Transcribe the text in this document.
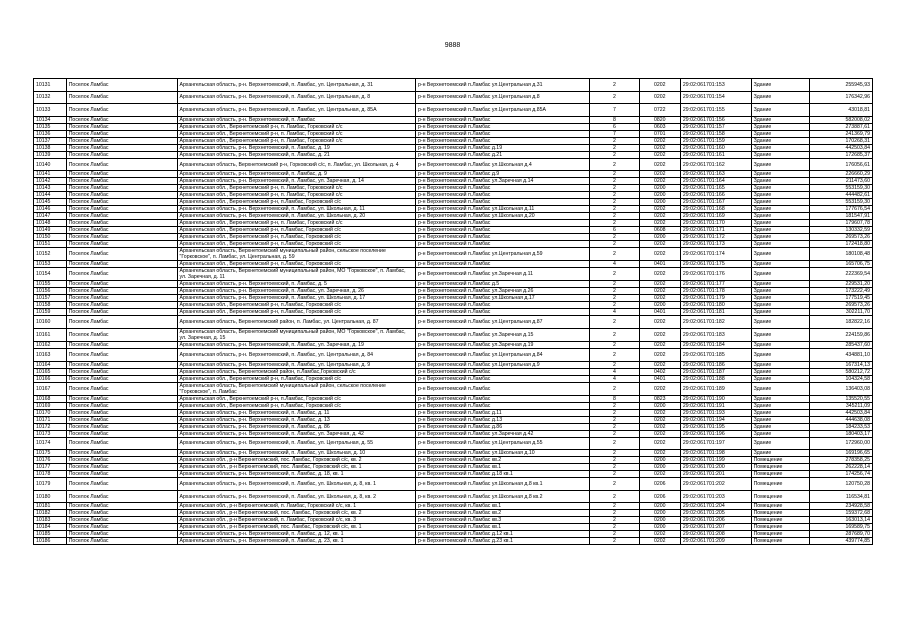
9888
10131	Поселок Ламбас	Архангельская область, р-н. Верхнетоемский, п. Ламбас, ул. Центральная, д. 31	р-н Верхнетоемский п.Ламбас ул.Центральная д.31	2	0202	29:02:061701:153	Здание	255945,93
10132	Поселок Ламбас	Архангельская область, р-н. Верхнетоемский, п. Ламбас, ул. Центральная, д. 8	р-н Верхнетоемский п.Ламбас ул.Центральная д.8	2	0202	29:02:061701:154	Здание	176342,96
10133	Поселок Ламбас	Архангельская область, р-н. Верхнетоемский, п. Ламбас, ул. Центральная, д. 85А	р-н Верхнетоемский п.Ламбас ул.Центральная д.85А	7	0722	29:02:061701:155	Здание	43018,81
10134	Поселок Ламбас	Архангельская область, р-н. Верхнетоемский, п. Ламбас	р-н Верхнетоемский п.Ламбас	8	0820	29:02:061701:156	Здание	582008,02
10135	Поселок Ламбас	Архангельская обл., Верхнетоемский р-н, п. Ламбас, Горковский с/с	р-н Верхнетоемский п.Ламбас	6	0603	29:02:061701:157	Здание	273887,61
10136	Поселок Ламбас	Архангельская обл., Верхнетоемский р-н, п. Ламбас, Горковский с/с	р-н Верхнетоемский п.Ламбас	7	0701	29:02:061701:158	Здание	241369,79
10137	Поселок Ламбас	Архангельская обл., Верхнетоемский р-н, п. Ламбас, Горковский с/с	р-н Верхнетоемский п.Ламбас	2	0202	29:02:061701:159	Здание	170268,31
10138	Поселок Ламбас	Архангельская область, р-н. Верхнетоемский, п. Ламбас, д. 19	р-н Верхнетоемский п.Ламбас д.19	2	0202	29:02:061701:160	Здание	442503,84
10139	Поселок Ламбас	Архангельская область, р-н. Верхнетоемский, п. Ламбас, д. 21	р-н Верхнетоемский п.Ламбас д.21	2	0202	29:02:061701:161	Здание	172685,37
10140	Поселок Ламбас	Архангельская область, Верхнетоемский р-н, Горковский с/с, п. Ламбас, ул. Школьная, д. 4	р-н Верхнетоемский п.Ламбас ул.Школьная д.4	2	0202	29:02:061701:162	Здание	176056,61
10141	Поселок Ламбас	Архангельская область, р-н. Верхнетоемский, п. Ламбас, д. 9	р-н Верхнетоемский п.Ламбас д.9	2	0202	29:02:061701:163	Здание	226660,29
10142	Поселок Ламбас	Архангельская область, р-н. Верхнетоемский, п. Ламбас, ул. Заречная, д. 14	р-н Верхнетоемский п.Ламбас ул.Заречная д.14	2	0202	29:02:061701:164	Здание	211473,60
10143	Поселок Ламбас	Архангельская обл., Верхнетоемский р-н, п. Ламбас, Горковский с/с	р-н Верхнетоемский п.Ламбас	2	0200	29:02:061701:165	Здание	553159,30
10144	Поселок Ламбас	Архангельская обл., Верхнетоемский р-н, п. Ламбас, Горковский с/с	р-н Верхнетоемский п.Ламбас	2	0200	29:02:061701:166	Здание	444482,61
10145	Поселок Ламбас	Архангельская обл., Верхнетоемский р-н, п.Ламбас, Горковский с/с	р-н Верхнетоемский п.Ламбас	2	0200	29:02:061701:167	Здание	553159,30
10146	Поселок Ламбас	Архангельская область, р-н. Верхнетоемский, п. Ламбас, ул. Школьная, д. 11	р-н Верхнетоемский п.Ламбас ул.Школьная д.11	2	0202	29:02:061701:168	Здание	177676,54
10147	Поселок Ламбас	Архангельская область, р-н. Верхнетоемский, п. Ламбас, ул. Школьная, д. 20	р-н Верхнетоемский п.Ламбас ул.Школьная д.20	2	0202	29:02:061701:169	Здание	181547,91
10148	Поселок Ламбас	Архангельская обл., Верхнетоемский р-н, п. Ламбас, Горковский с/с	р-н Верхнетоемский п.Ламбас	2	0202	29:02:061701:170	Здание	179607,78
10149	Поселок Ламбас	Архангельская обл., Верхнетоемский р-н, п.Ламбас, Горковский с/с	р-н Верхнетоемский п.Ламбас	6	0608	29:02:061701:171	Здание	130332,59
10150	Поселок Ламбас	Архангельская обл., Верхнетоемский р-н, п.Ламбас, Горковский с/с	р-н Верхнетоемский п.Ламбас	2	0200	29:02:061701:172	Здание	269573,26
10151	Поселок Ламбас	Архангельская обл., Верхнетоемский р-н, п.Ламбас, Горковский с/с	р-н Верхнетоемский п.Ламбас	2	0202	29:02:061701:173	Здание	172418,80
10152	Поселок Ламбас	Архангельская область, Верхнетоемский муниципальный район, сельское поселение "Горковское", п. Ламбас, ул. Центральная, д. 59	р-н Верхнетоемский п.Ламбас ул.Центральная д.59	2	0202	29:02:061701:174	Здание	180108,48
10153	Поселок Ламбас	Архангельская обл., Верхнетоемский р-н, п.Ламбас, Горковский с/с	р-н Верхнетоемский п.Ламбас	4	0401	29:02:061701:175	Здание	165706,75
10154	Поселок Ламбас	Архангельская область, Верхнетоемский муниципальный район, МО "Горковское", п. Ламбас, ул. Заречная, д. 11	р-н Верхнетоемский п.Ламбас ул.Заречная д.11	2	0202	29:02:061701:176	Здание	222369,54
10155	Поселок Ламбас	Архангельская область, р-н. Верхнетоемский, п. Ламбас, д. 5	р-н Верхнетоемский п.Ламбас д.5	2	0202	29:02:061701:177	Здание	229531,20
10156	Поселок Ламбас	Архангельская область, р-н. Верхнетоемский, п. Ламбас, ул. Заречная, д. 26	р-н Верхнетоемский п.Ламбас ул.Заречная д.26	2	0202	29:02:061701:178	Здание	173222,49
10157	Поселок Ламбас	Архангельская область, р-н. Верхнетоемский, п. Ламбас, ул. Школьная, д. 17	р-н Верхнетоемский п.Ламбас ул.Школьная д.17	2	0202	29:02:061701:179	Здание	177519,45
10158	Поселок Ламбас	Архангельская обл., Верхнетоемский р-н, п.Ламбас, Горковский с/с	р-н Верхнетоемский п.Ламбас	2	0200	29:02:061701:180	Здание	269573,26
10159	Поселок Ламбас	Архангельская обл., Верхнетоемский р-н, п.Ламбас, Горковский с/с	р-н Верхнетоемский п.Ламбас	4	0401	29:02:061701:181	Здание	302211,70
10160	Поселок Ламбас	Архангельская область, Верхнетоемский район, п. Ламбас, ул. Центральная, д. 87	р-н Верхнетоемский п.Ламбас ул.Центральная д.87	2	0202	29:02:061701:182	Здание	182822,16
10161	Поселок Ламбас	Архангельская область, Верхнетоемский муниципальный район, МО "Горковское", п. Ламбас, ул. Заречная, д. 15	р-н Верхнетоемский п.Ламбас ул.Заречная д.15	2	0202	29:02:061701:183	Здание	224159,86
10162	Поселок Ламбас	Архангельская область, р-н. Верхнетоемский, п. Ламбас, ул. Заречная, д. 19	р-н Верхнетоемский п.Ламбас ул.Заречная д.19	2	0202	29:02:061701:184	Здание	285437,60
10163	Поселок Ламбас	Архангельская область, р-н. Верхнетоемский, п. Ламбас, ул. Центральная, д. 84	р-н Верхнетоемский п.Ламбас ул.Центральная д.84	2	0202	29:02:061701:185	Здание	434881,10
10164	Поселок Ламбас	Архангельская область, р-н. Верхнетоемский, п. Ламбас, ул. Центральная, д. 9	р-н Верхнетоемский п.Ламбас ул.Центральная д.9	2	0202	29:02:061701:186	Здание	167314,13
10165	Поселок Ламбас	Архангельская область, Верхнетоемский район, п.Ламбас,Горковский с/с	р-н Верхнетоемский п.Ламбас	4	0402	29:02:061701:187	Здание	580212,72
10166	Поселок Ламбас	Архангельская обл., Верхнетоемский р-н, п.Ламбас, Горковский с/с	р-н Верхнетоемский п.Ламбас	4	0401	29:02:061701:188	Здание	104324,58
10167	Поселок Ламбас	Архангельская область, Верхнетоемский муниципальный район, сельское поселение "Горковское", п. Ламбас	р-н Верхнетоемский п.Ламбас	2	0202	29:02:061701:189	Здание	136403,08
10168	Поселок Ламбас	Архангельская обл., Верхнетоемский р-н, п.Ламбас, Горковский с/с	р-н Верхнетоемский п.Ламбас	8	0823	29:02:061701:190	Здание	135520,55
10169	Поселок Ламбас	Архангельская обл., Верхнетоемский р-н, п.Ламбас, Горковский с/с	р-н Верхнетоемский п.Ламбас	2	0200	29:02:061701:191	Здание	345211,09
10170	Поселок Ламбас	Архангельская область, р-н. Верхнетоемский, п. Ламбас, д. 11	р-н Верхнетоемский п.Ламбас д.11	2	0202	29:02:061701:193	Здание	442503,84
10171	Поселок Ламбас	Архангельская область, р-н. Верхнетоемский, п. Ламбас, д. 13	р-н Верхнетоемский п.Ламбас д.13	2	0202	29:02:061701:194	Здание	444638,08
10172	Поселок Ламбас	Архангельская область, р-н. Верхнетоемский, п. Ламбас, д. 86	р-н Верхнетоемский п.Ламбас д.86	2	0202	29:02:061701:195	Здание	184233,53
10173	Поселок Ламбас	Архангельская область, р-н. Верхнетоемский, п. Ламбас, ул. Заречная, д. 42	р-н Верхнетоемский п.Ламбас ул.Заречная д.42	2	0202	29:02:061701:196	Здание	180403,17
10174	Поселок Ламбас	Архангельская область, р-н. Верхнетоемский, п. Ламбас, ул. Центральная, д. 55	р-н Верхнетоемский п.Ламбас ул.Центральная д.55	2	0202	29:02:061701:197	Здание	172960,00
10175	Поселок Ламбас	Архангельская область, р-н. Верхнетоемский, п. Ламбас, ул. Школьная, д. 10	р-н Верхнетоемский п.Ламбас ул.Школьная д.10	2	0202	29:02:061701:198	Здание	169196,65
10176	Поселок Ламбас	Архангельская обл., р-н Верхнетоемский, пос. Ламбас, Горковский с/с, кв. 2	р-н Верхнетоемский п.Ламбас кв.2	2	0200	29:02:061701:199	Помещение	278358,25
10177	Поселок Ламбас	Архангельская обл., р-н Верхнетоемский, пос. Ламбас, Горковский с/с, кв. 1	р-н Верхнетоемский п.Ламбас кв.1	2	0200	29:02:061701:200	Помещение	262228,14
10178	Поселок Ламбас	Архангельская область, р-н. Верхнетоемский, п. Ламбас, д. 18, кв. 1	р-н Верхнетоемский п.Ламбас д.18 кв.1	2	0202	29:02:061701:201	Помещение	174256,74
10179	Поселок Ламбас	Архангельская область, р-н. Верхнетоемский, п. Ламбас, ул. Школьная, д. 8, кв. 1	р-н Верхнетоемский п.Ламбас ул.Школьная д.8 кв.1	2	0206	29:02:061701:202	Помещение	120750,28
10180	Поселок Ламбас	Архангельская область, р-н. Верхнетоемский, п. Ламбас, ул. Школьная, д. 8, кв. 2	р-н Верхнетоемский п.Ламбас ул.Школьная д.8 кв.2	2	0206	29:02:061701:203	Помещение	116534,81
10181	Поселок Ламбас	Архангельская обл., р-н Верхнетоемский, п. Ламбас, Горковский с/с, кв. 1	р-н Верхнетоемский п.Ламбас кв.1	2	0200	29:02:061701:204	Помещение	234928,58
10182	Поселок Ламбас	Архангельская обл., р-н Верхнетоемский, пос. Ламбас, Горковский с/с, кв. 2	р-н Верхнетоемский п.Ламбас кв.2	2	0200	29:02:061701:205	Помещение	159372,68
10183	Поселок Ламбас	Архангельская обл., р-н Верхнетоемский, п. Ламбас, Горковский с/с, кв. 3	р-н Верхнетоемский п.Ламбас кв.3	2	0200	29:02:061701:206	Помещение	163013,14
10184	Поселок Ламбас	Архангельская обл., р-н Верхнетоемский, пос. Ламбас, Горковский с/с, кв. 1	р-н Верхнетоемский п.Ламбас кв.1	2	0200	29:02:061701:207	Помещение	169589,75
10185	Поселок Ламбас	Архангельская область, р-н. Верхнетоемский, п. Ламбас, д. 12, кв. 1	р-н Верхнетоемский п.Ламбас д.12 кв.1	2	0202	29:02:061701:208	Помещение	287689,70
10186	Поселок Ламбас	Архангельская область, р-н. Верхнетоемский, п. Ламбас, д. 23, кв. 1	р-н Верхнетоемский п.Ламбас д.23 кв.1	2	0202	29:02:061701:209	Помещение	439774,85
